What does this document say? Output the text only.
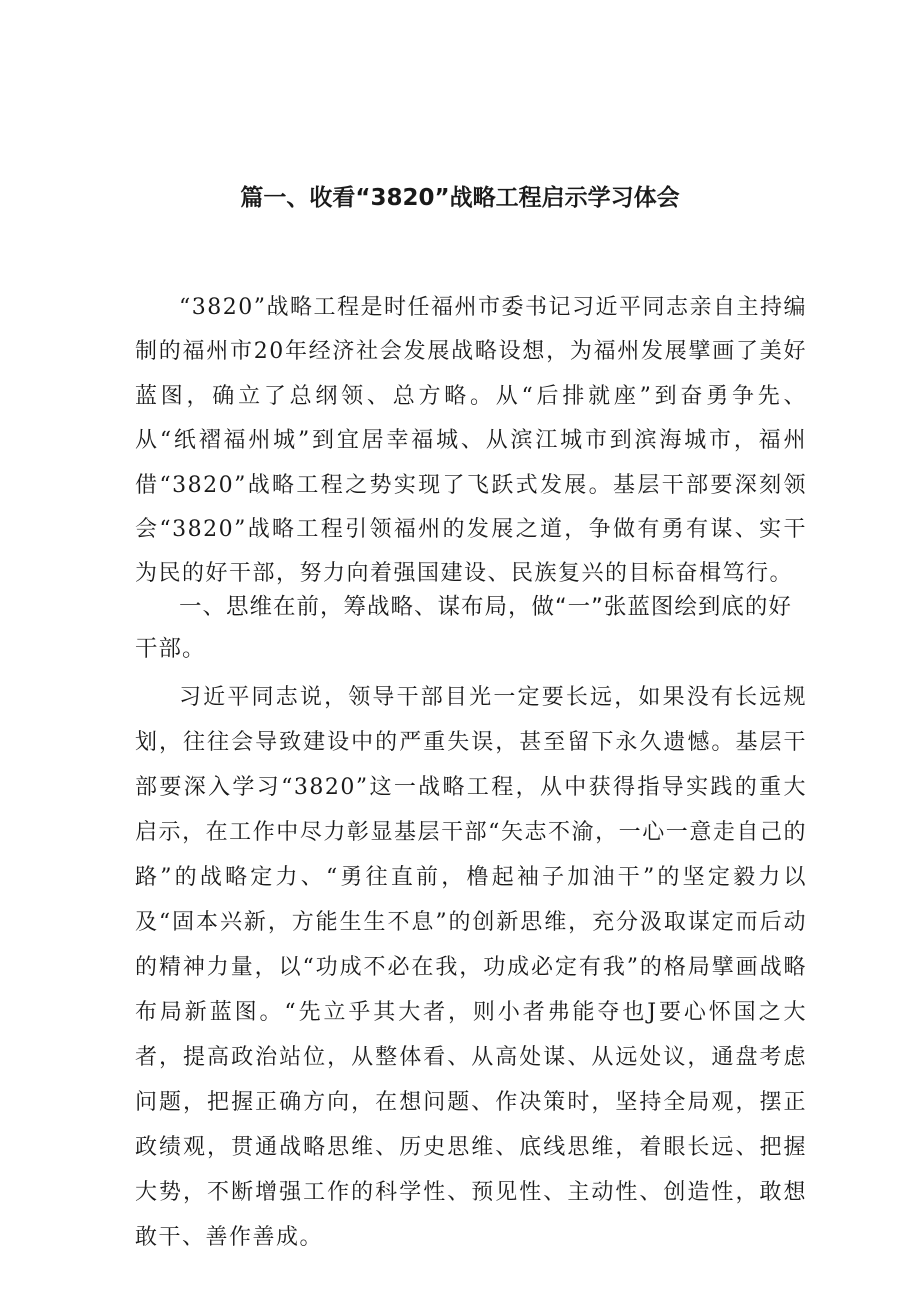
篇一、收看“3820”战略工程启示学习体会

“3820”战略工程是时任福州市委书记习近平同志亲自主持编制的福州市20年经济社会发展战略设想，为福州发展擘画了美好蓝图，确立了总纲领、总方略。从“后排就座”到奋勇争先、从“纸褶福州城”到宜居幸福城、从滨江城市到滨海城市，福州借“3820”战略工程之势实现了飞跃式发展。基层干部要深刻领会“3820”战略工程引领福州的发展之道，争做有勇有谋、实干为民的好干部，努力向着强国建设、民族复兴的目标奋楫笃行。

一、思维在前，筹战略、谋布局，做“一”张蓝图绘到底的好干部。

习近平同志说，领导干部目光一定要长远，如果没有长远规划，往往会导致建设中的严重失误，甚至留下永久遗憾。基层干部要深入学习“3820”这一战略工程，从中获得指导实践的重大启示，在工作中尽力彰显基层干部“矢志不渝，一心一意走自己的路”的战略定力、“勇往直前，橹起袖子加油干”的坚定毅力以及“固本兴新，方能生生不息”的创新思维，充分汲取谋定而后动的精神力量，以“功成不必在我，功成必定有我”的格局擘画战略布局新蓝图。“先立乎其大者，则小者弗能夺也J要心怀国之大者，提高政治站位，从整体看、从高处谋、从远处议，通盘考虑问题，把握正确方向，在想问题、作决策时，坚持全局观，摆正政绩观，贯通战略思维、历史思维、底线思维，着眼长远、把握大势，不断增强工作的科学性、预见性、主动性、创造性，敢想敢干、善作善成。
